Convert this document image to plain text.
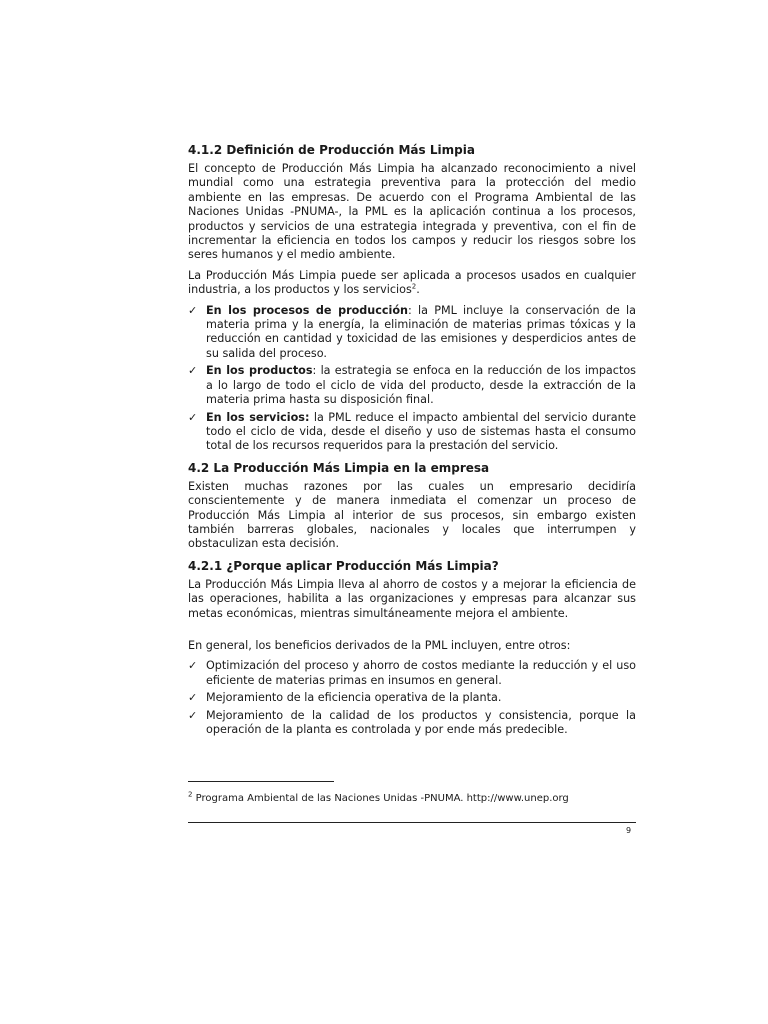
4.1.2 Definición de Producción Más Limpia

El concepto de Producción Más Limpia ha alcanzado reconocimiento a nivel mundial como una estrategia preventiva para la protección del medio ambiente en las empresas. De acuerdo con el Programa Ambiental de las Naciones Unidas -PNUMA-, la PML es la aplicación continua a los procesos, productos y servicios de una estrategia integrada y preventiva, con el fin de incrementar la eficiencia en todos los campos y reducir los riesgos sobre los seres humanos y el medio ambiente.

La Producción Más Limpia puede ser aplicada a procesos usados en cualquier industria, a los productos y los servicios$^2$.

✓ En los procesos de producción: la PML incluye la conservación de la materia prima y la energía, la eliminación de materias primas tóxicas y la reducción en cantidad y toxicidad de las emisiones y desperdicios antes de su salida del proceso.
✓ En los productos: la estrategia se enfoca en la reducción de los impactos a lo largo de todo el ciclo de vida del producto, desde la extracción de la materia prima hasta su disposición final.
✓ En los servicios: la PML reduce el impacto ambiental del servicio durante todo el ciclo de vida, desde el diseño y uso de sistemas hasta el consumo total de los recursos requeridos para la prestación del servicio.
4.2 La Producción Más Limpia en la empresa

Existen muchas razones por las cuales un empresario decidiría conscientemente y de manera inmediata el comenzar un proceso de Producción Más Limpia al interior de sus procesos, sin embargo existen también barreras globales, nacionales y locales que interrumpen y obstaculizan esta decisión.

4.2.1 ¿Porque aplicar Producción Más Limpia?

La Producción Más Limpia lleva al ahorro de costos y a mejorar la eficiencia de las operaciones, habilita a las organizaciones y empresas para alcanzar sus metas económicas, mientras simultáneamente mejora el ambiente.

En general, los beneficios derivados de la PML incluyen, entre otros:

✓ Optimización del proceso y ahorro de costos mediante la reducción y el uso eficiente de materias primas en insumos en general.
✓ Mejoramiento de la eficiencia operativa de la planta.
✓ Mejoramiento de la calidad de los productos y consistencia, porque la operación de la planta es controlada y por ende más predecible.
$^2$ Programa Ambiental de las Naciones Unidas -PNUMA. http://www.unep.org
9
